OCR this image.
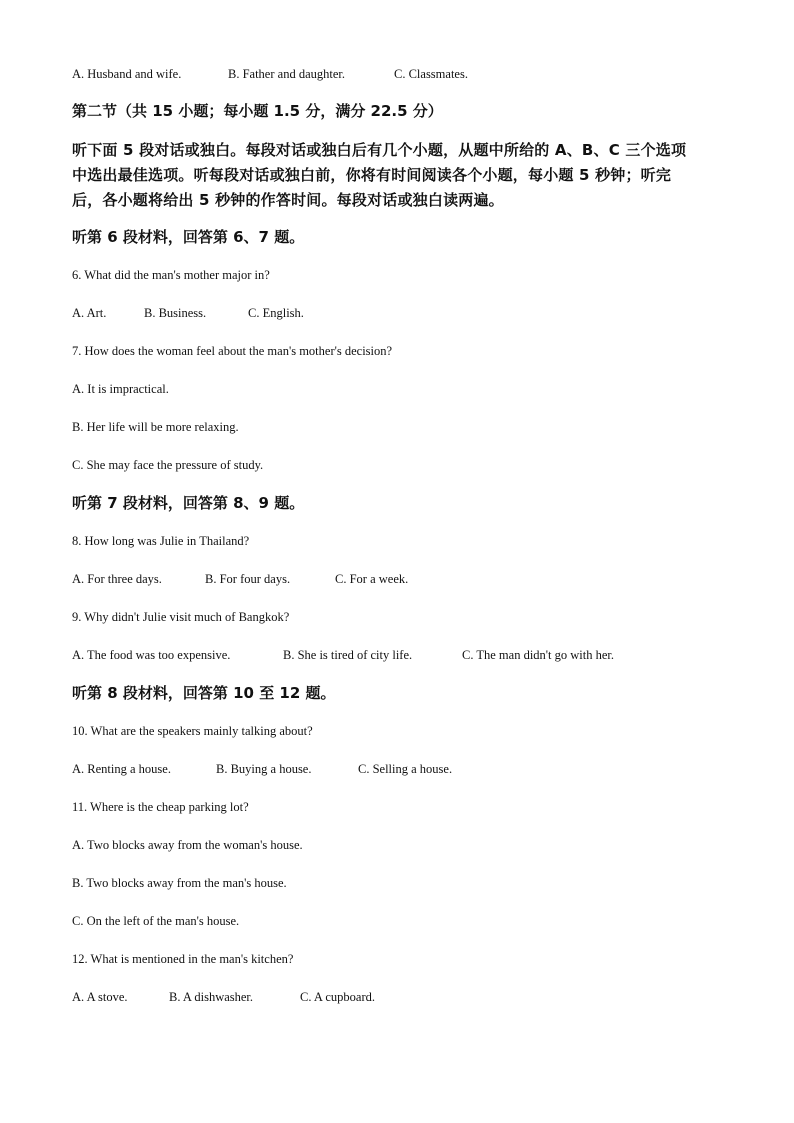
A. Husband and wife.	B. Father and daughter.	C. Classmates.
第二节（共 15 小题；每小题 1.5 分，满分 22.5 分）
听下面 5 段对话或独白。每段对话或独白后有几个小题，从题中所给的 A、B、C 三个选项
中选出最佳选项。听每段对话或独白前，你将有时间阅读各个小题，每小题 5 秒钟；听完
后，各小题将给出 5 秒钟的作答时间。每段对话或独白读两遍。
听第 6 段材料，回答第 6、7 题。
6. What did the man's mother major in?
A. Art.	B. Business.	C. English.
7. How does the woman feel about the man's mother's decision?
A. It is impractical.
B. Her life will be more relaxing.
C. She may face the pressure of study.
听第 7 段材料，回答第 8、9 题。
8. How long was Julie in Thailand?
A. For three days.	B. For four days.	C. For a week.
9. Why didn't Julie visit much of Bangkok?
A. The food was too expensive.	B. She is tired of city life.	C. The man didn't go with her.
听第 8 段材料，回答第 10 至 12 题。
10. What are the speakers mainly talking about?
A. Renting a house.	B. Buying a house.	C. Selling a house.
11. Where is the cheap parking lot?
A. Two blocks away from the woman's house.
B. Two blocks away from the man's house.
C. On the left of the man's house.
12. What is mentioned in the man's kitchen?
A. A stove.	B. A dishwasher.	C. A cupboard.
